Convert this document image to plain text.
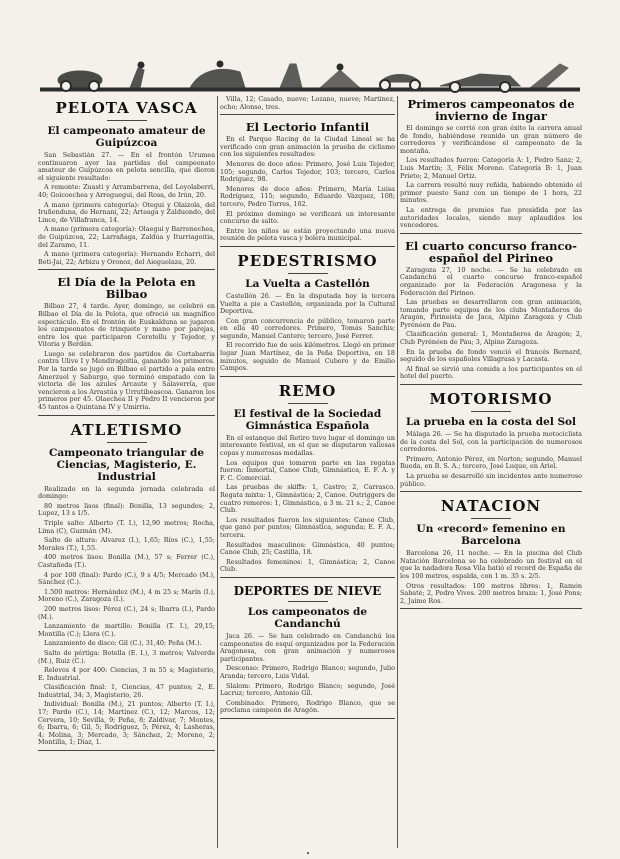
PELOTA VASCA
El campeonato amateur de Guipúzcoa

San Sebastián 27. — En el frontón Urumea continuaron ayer las partidas del campeonato amateur de Guipúzcoa en pelota sencilla, que dieron el siguiente resultado:

A remonte: Zuasti y Arrambarrena, del Loyolaberri, 40; Goicoechea y Arreguegui, del Rosa, de Irún, 20.

A mano (primera categoría): Otegui y Olaizola, del Iruñenduna, de Hernani, 22; Arteaga y Zalduondo, del Lince, de Villafranca, 14.

A mano (primera categoría): Olaegui y Barrenechea, de Guipúzcoa, 22; Larrañaga, Zaldúa y Iturriagoitia, del Zaramo, 11.

A mano (primera categoría): Hernando Echarri, del Beti-Jai, 22; Arbizu y Oronoz, del Aieguelaza, 20.

El Día de la Pelota en Bilbao

Bilbao 27, 4 tarde. Ayer, domingo, se celebró en Bilbao el Día de la Pelota, que ofreció un magnífico espectáculo. En el frontón de Euskalduna se jugaron los campeonatos de trinquete y mano por parejas, entre los que participaron Ceretellu y Tejedor, y Vitoria y Berdán.

Luego se celebraron dos partidos de Cortabarria contra Ulive I y Mendiragoitia, ganando los primeros. Por la tarde se jugó en Bilbao el partido a pala entre Amerzuel y Saburgo, que terminó empatado con la victoria de los azules Arcaute y Salaverría, que vencieron a los Arrastúa y Urrutibeascoa. Ganaron los primeros por 45. Olaechea II y Pedro II vencieron por 45 tantos a Quintana IV y Umirria.

ATLETISMO
Campeonato triangular de Ciencias, Magisterio, E. Industrial

Realizado en la segunda jornada celebrada el domingo:

80 metros lisos (final): Bonilla, 13 segundos; 2, Lupez, 13 s 1/5.

Triple salto: Alberto (T. I.), 12,90 metros; Rocha, Lima (C), Guzmán (M).

Salto de altura: Alvarez (I.), 1,65; Ríos (C.), 1,55; Morales (T.), 1,55.

400 metros lisos: Bonilla (M.), 57 s; Ferrer (C.), Castañeda (T.).

4 por 100 (final): Pardo (C.), 9 s 4/5; Mercado (M.), Sánchez (C.).

1.500 metros: Hernández (M.), 4 m 25 s; Marín (I.), Moreno (C.), Zaragoza (I.).

200 metros lisos: Pérez (C.), 24 s; Ibarra (I.), Pardo (M.).

Lanzamiento de martillo: Bonilla (T. I.), 29,15; Montilla (C.); Llera (C.).

Lanzamiento de disco: Gil (C.), 31,40; Peña (M.).

Salto de pértiga: Botella (E. I.), 3 metros; Valverde (M.), Ruiz (C.).

Relevos 4 por 400: Ciencias, 3 m 55 s; Magisterio, E. Industrial.

Clasificación final: 1, Ciencias, 47 puntos; 2, E. Industrial, 34; 3, Magisterio, 26.

Individual: Bonilla (M.), 21 puntos; Alberto (T. I.), 17; Pardo (C.), 14; Martínez (C.), 12; Marcos, 12; Cervera, 10; Sevilla, 9; Peña, 8; Zaldívar, 7; Montes, 6; Ibarra, 6; Gil, 5; Rodríguez, 5; Pérez, 4; Lasheras, 4; Molina, 3; Mercado, 3; Sánchez, 2; Moreno, 2; Montilla, 1; Díaz, 1.

Villa, 12; Casado, nueve; Lozano, nueve; Martínez, ocho; Alonso, tres.

El Lectorio Infantil

En el Parque Racing de la Ciudad Lineal se ha verificado con gran animación la prueba de ciclismo con los siguientes resultados:

Menores de doce años: Primero, José Luis Tejedor, 105; segundo, Carlos Tejedor, 103; tercero, Carlos Rodríguez, 98.

Menores de doce años: Primero, María Luisa Rodríguez, 115; segundo, Eduardo Vázquez, 108; tercero, Pedro Torres, 102.

El próximo domingo se verificará un interesante concurso de salto.

Entre los niños se están proyectando una nueva reunión de pelota vasca y bolera municipal.

PEDESTRISMO
La Vuelta a Castellón

Castellón 26. — En la disputada hoy la tercera Vuelta a pie a Castellón, organizada por la Cultural Deportiva.

Con gran concurrencia de público, tomaron parte en ella 40 corredores. Primero, Tomás Sanchis; segundo, Manuel Cantero; tercero, José Ferrer.

El recorrido fue de seis kilómetros. Llegó en primer lugar Juan Martínez, de la Peña Deportiva, en 18 minutos, seguido de Manuel Cubero y de Emilio Campos.

REMO
El festival de la Sociedad Gimnástica Española

En el estanque del Retiro tuvo lugar el domingo un interesante festival, en el que se disputaron valiosas copas y numerosas medallas.

Los equipos que tomaron parte en las regatas fueron: Inmortal, Canoe Club, Gimnástica, E. F. A. y F. C. Comercial.

Las pruebas de skiffs: 1, Castro; 2, Carrasco. Regata mixta: 1, Gimnástica; 2, Canoe. Outriggers de cuatro remeros: 1, Gimnástica, a 3 m. 21 s.; 2, Canoe Club.

Los resultados fueron los siguientes: Canoe Club, que ganó por puntos; Gimnástica, segunda; E. F. A., tercera.

Resultados masculinos: Gimnástica, 40 puntos; Canoe Club, 25; Castilla, 18.

Resultados femeninos: 1, Gimnástica; 2, Canoe Club.

DEPORTES DE NIEVE
Los campeonatos de Candanchú

Jaca 26. — Se han celebrado en Candanchú los campeonatos de esquí organizados por la Federación Aragonesa, con gran animación y numerosos participantes.

Descenso: Primero, Rodrigo Blanco; segundo, Julio Aranda; tercero, Luis Vidal.

Slalom: Primero, Rodrigo Blanco; segundo, José Lacruz; tercero, Antonio Gil.

Combinado: Primero, Rodrigo Blanco, que se proclama campeón de Aragón.

Primeros campeonatos de invierno de Ingar

El domingo se corrió con gran éxito la carrera anual de fondo, habiéndose reunido un gran número de corredores y verificándose el campeonato de la montaña.

Los resultados fueron: Categoría A: 1, Pedro Sanz; 2, Luis Martín; 3, Félix Moreno. Categoría B: 1, Juan Prieto; 2, Manuel Ortiz.

La carrera resultó muy reñida, habiendo obtenido el primer puesto Sanz con un tiempo de 1 hora, 22 minutos.

La entrega de premios fue presidida por las autoridades locales, siendo muy aplaudidos los vencedores.

El cuarto concurso franco-español del Pirineo

Zaragoza 27, 10 noche. — Se ha celebrado en Candanchú el cuarto concurso franco-español organizado por la Federación Aragonesa y la Federación del Pirineo.

Las pruebas se desarrollaron con gran animación, tomando parte equipos de los clubs Montañeros de Aragón, Pirineísta de Jaca, Alpino Zaragoza y Club Pyrénéen de Pau.

Clasificación general: 1, Montañeros de Aragón; 2, Club Pyrénéen de Pau; 3, Alpino Zaragoza.

En la prueba de fondo venció el francés Bernard, seguido de los españoles Villagrasa y Lacasta.

Al final se sirvió una comida a los participantes en el hotel del puerto.

MOTORISMO
La prueba en la costa del Sol

Málaga 26. — Se ha disputado la prueba motociclista de la costa del Sol, con la participación de numerosos corredores.

Primero, Antonio Pérez, en Norton; segundo, Manuel Rueda, en B. S. A.; tercero, José Luque, en Ariel.

La prueba se desarrolló sin incidentes ante numeroso público.

NATACION
Un «record» femenino en Barcelona

Barcelona 26, 11 noche. — En la piscina del Club Natación Barcelona se ha celebrado un festival en el que la nadadora Rosa Vila batió el record de España de los 100 metros, espalda, con 1 m. 35 s. 2/5.

Otros resultados: 100 metros libres: 1, Ramón Sabaté; 2, Pedro Vives. 200 metros braza: 1, José Pons; 2, Jaime Ros.

•
